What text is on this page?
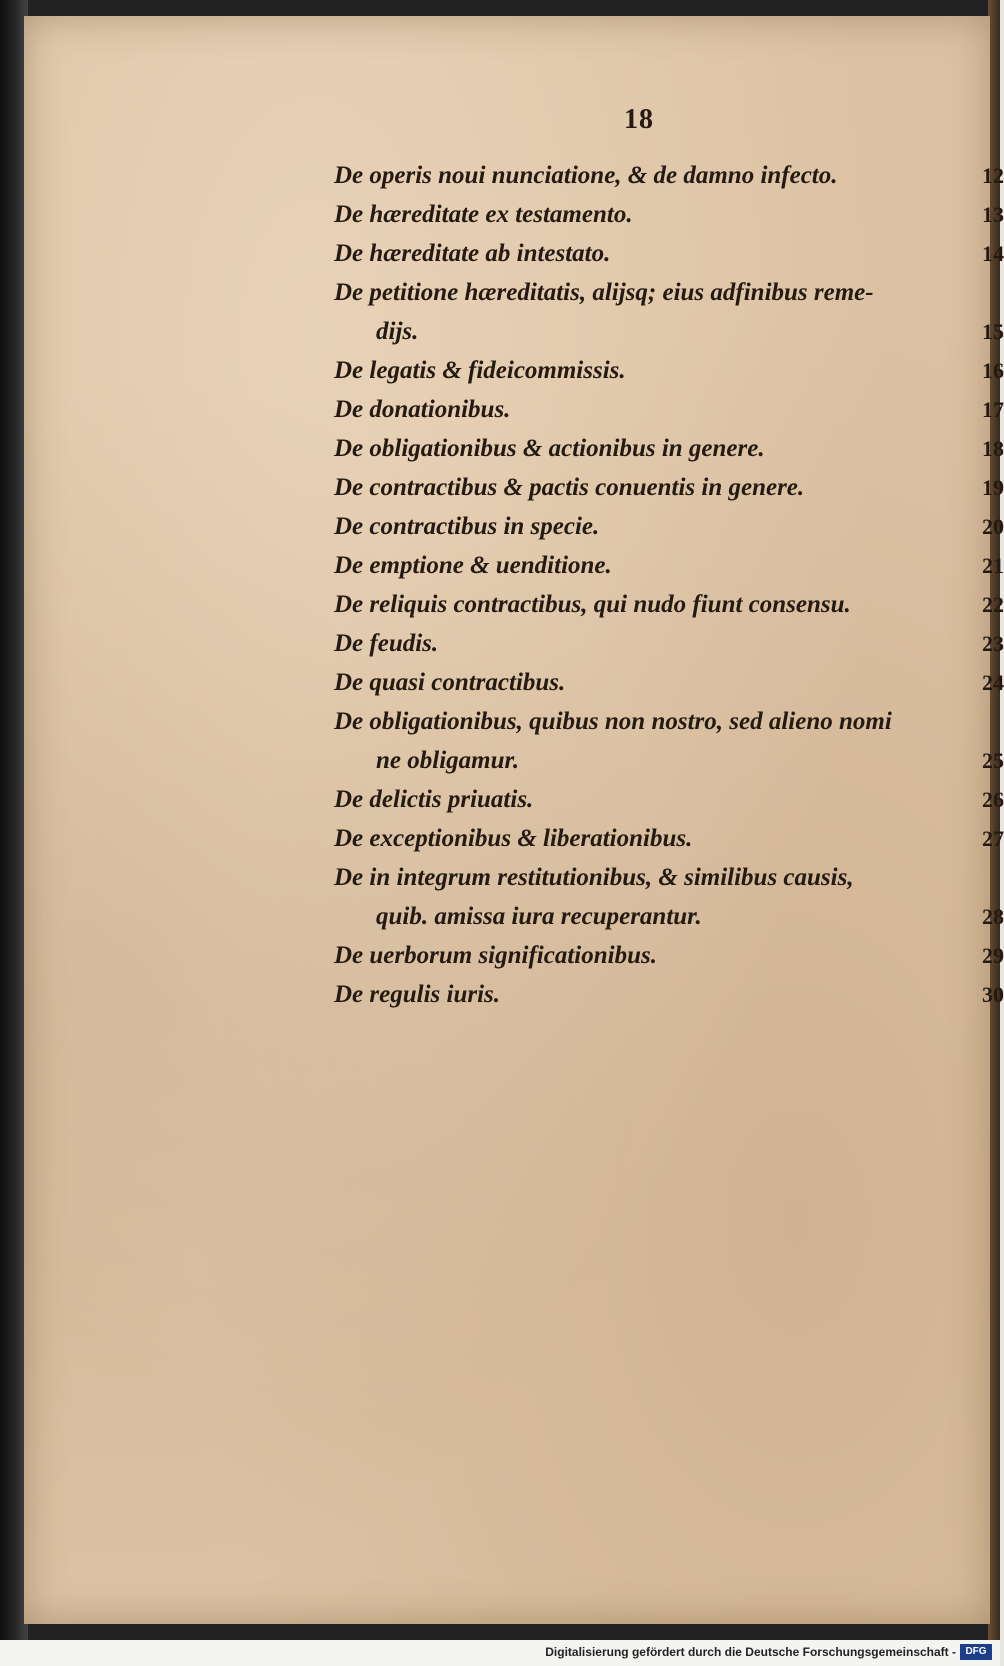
18
De operis noui nunciatione, & de damno infecto.	12
De hæreditate ex testamento.	13
De hæreditate ab intestato.	14
De petitione hæreditatis, alijsq; eius adfinibus reme-
dijs.	15
De legatis & fideicommissis.	16
De donationibus.	17
De obligationibus & actionibus in genere.	18
De contractibus & pactis conuentis in genere.	19
De contractibus in specie.	20
De emptione & uenditione.	21
De reliquis contractibus, qui nudo fiunt consensu.	22
De feudis.	23
De quasi contractibus.	24
De obligationibus, quibus non nostro, sed alieno nomi
ne obligamur.	25
De delictis priuatis.	26
De exceptionibus & liberationibus.	27
De in integrum restitutionibus, & similibus causis,
quib. amissa iura recuperantur.	28
De uerborum significationibus.	29
De regulis iuris.	30
Digitalisierung gefördert durch die Deutsche Forschungsgemeinschaft - DFG
